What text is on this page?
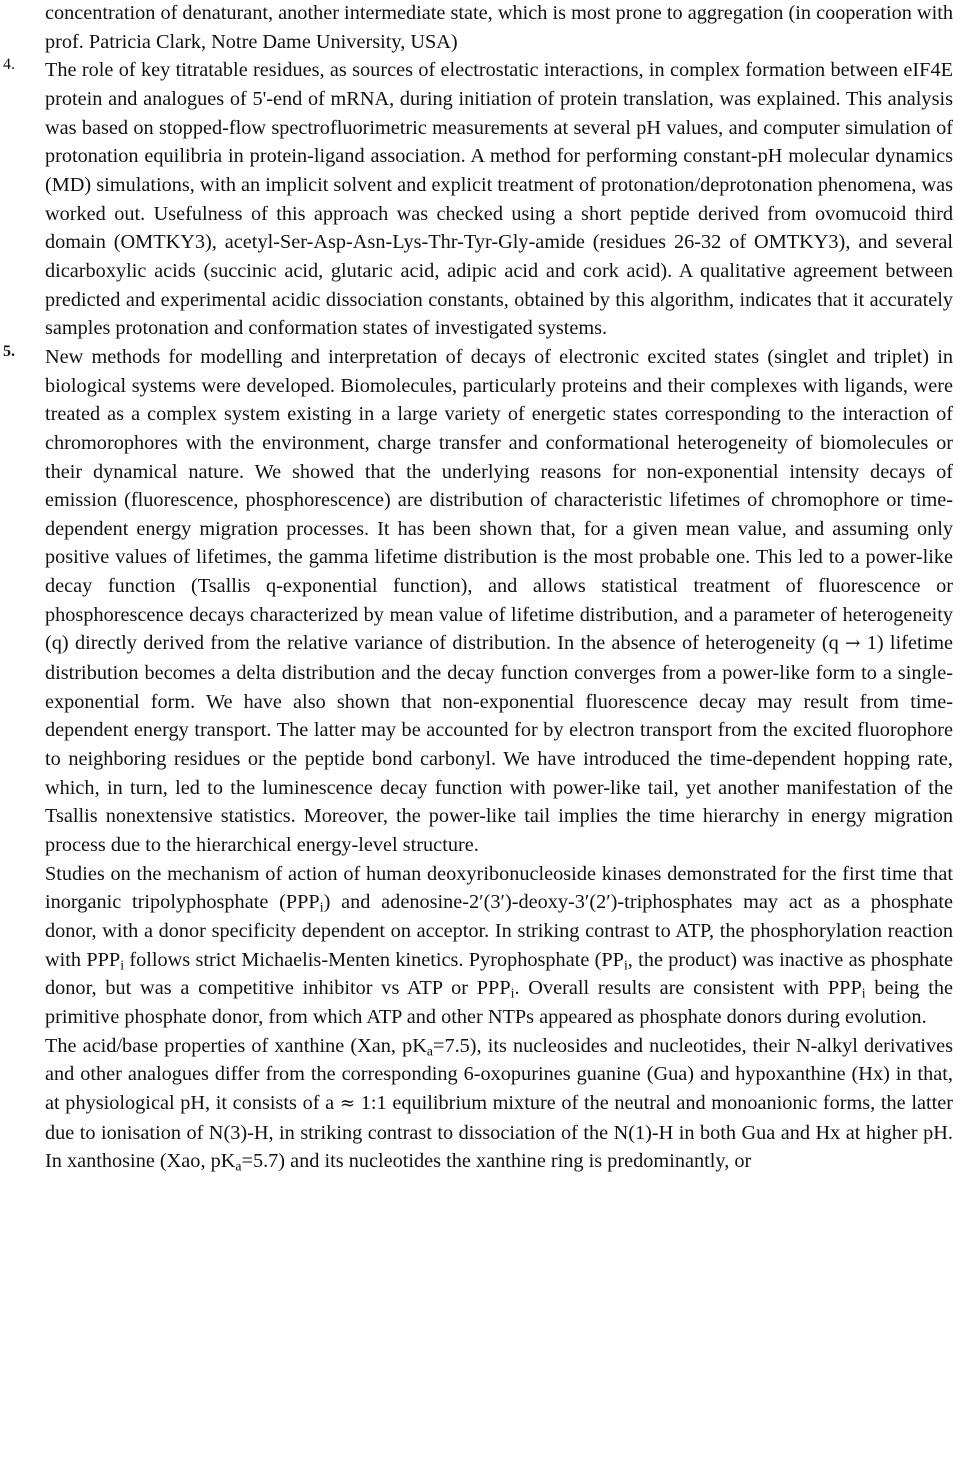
concentration of denaturant, another intermediate state, which is most prone to aggregation (in cooperation with prof. Patricia Clark, Notre Dame University, USA)

4.	The role of key titratable residues, as sources of electrostatic interactions, in complex formation between eIF4E protein and analogues of 5'-end of mRNA, during initiation of protein translation, was explained. This analysis was based on stopped-flow spectrofluorimetric measurements at several pH values, and computer simulation of protonation equilibria in protein-ligand association. A method for performing constant-pH molecular dynamics (MD) simulations, with an implicit solvent and explicit treatment of protonation/deprotonation phenomena, was worked out. Usefulness of this approach was checked using a short peptide derived from ovomucoid third domain (OMTKY3), acetyl-Ser-Asp-Asn-Lys-Thr-Tyr-Gly-amide (residues 26-32 of OMTKY3), and several dicarboxylic acids (succinic acid, glutaric acid, adipic acid and cork acid). A qualitative agreement between predicted and experimental acidic dissociation constants, obtained by this algorithm, indicates that it accurately samples protonation and conformation states of investigated systems.

5.	New methods for modelling and interpretation of decays of electronic excited states (singlet and triplet) in biological systems were developed. Biomolecules, particularly proteins and their complexes with ligands, were treated as a complex system existing in a large variety of energetic states corresponding to the interaction of chromorophores with the environment, charge transfer and conformational heterogeneity of biomolecules or their dynamical nature. We showed that the underlying reasons for non-exponential intensity decays of emission (fluorescence, phosphorescence) are distribution of characteristic lifetimes of chromophore or time-dependent energy migration processes. It has been shown that, for a given mean value, and assuming only positive values of lifetimes, the gamma lifetime distribution is the most probable one. This led to a power-like decay function (Tsallis q-exponential function), and allows statistical treatment of fluorescence or phosphorescence decays characterized by mean value of lifetime distribution, and a parameter of heterogeneity (q) directly derived from the relative variance of distribution. In the absence of heterogeneity (q → 1) lifetime distribution becomes a delta distribution and the decay function converges from a power-like form to a single-exponential form. We have also shown that non-exponential fluorescence decay may result from time-dependent energy transport. The latter may be accounted for by electron transport from the excited fluorophore to neighboring residues or the peptide bond carbonyl. We have introduced the time-dependent hopping rate, which, in turn, led to the luminescence decay function with power-like tail, yet another manifestation of the Tsallis nonextensive statistics. Moreover, the power-like tail implies the time hierarchy in energy migration process due to the hierarchical energy-level structure.

Studies on the mechanism of action of human deoxyribonucleoside kinases demonstrated for the first time that inorganic tripolyphosphate $(PPP_i)$ and adenosine-2′(3′)-deoxy-3′(2′)-triphosphates may act as a phosphate donor, with a donor specificity dependent on acceptor. In striking contrast to ATP, the phosphorylation reaction with $PPP_i$ follows strict Michaelis-Menten kinetics. Pyrophosphate ($PP_i$, the product) was inactive as phosphate donor, but was a competitive inhibitor vs ATP or $PPP_i$. Overall results are consistent with $PPP_i$ being the primitive phosphate donor, from which ATP and other NTPs appeared as phosphate donors during evolution.

The acid/base properties of xanthine (Xan, $pK_a=7.5$), its nucleosides and nucleotides, their N-alkyl derivatives and other analogues differ from the corresponding 6-oxopurines guanine (Gua) and hypoxanthine (Hx) in that, at physiological pH, it consists of a ≈ 1:1 equilibrium mixture of the neutral and monoanionic forms, the latter due to ionisation of N(3)-H, in striking contrast to dissociation of the N(1)-H in both Gua and Hx at higher pH. In xanthosine (Xao, $pK_a=5.7$) and its nucleotides the xanthine ring is predominantly, or
